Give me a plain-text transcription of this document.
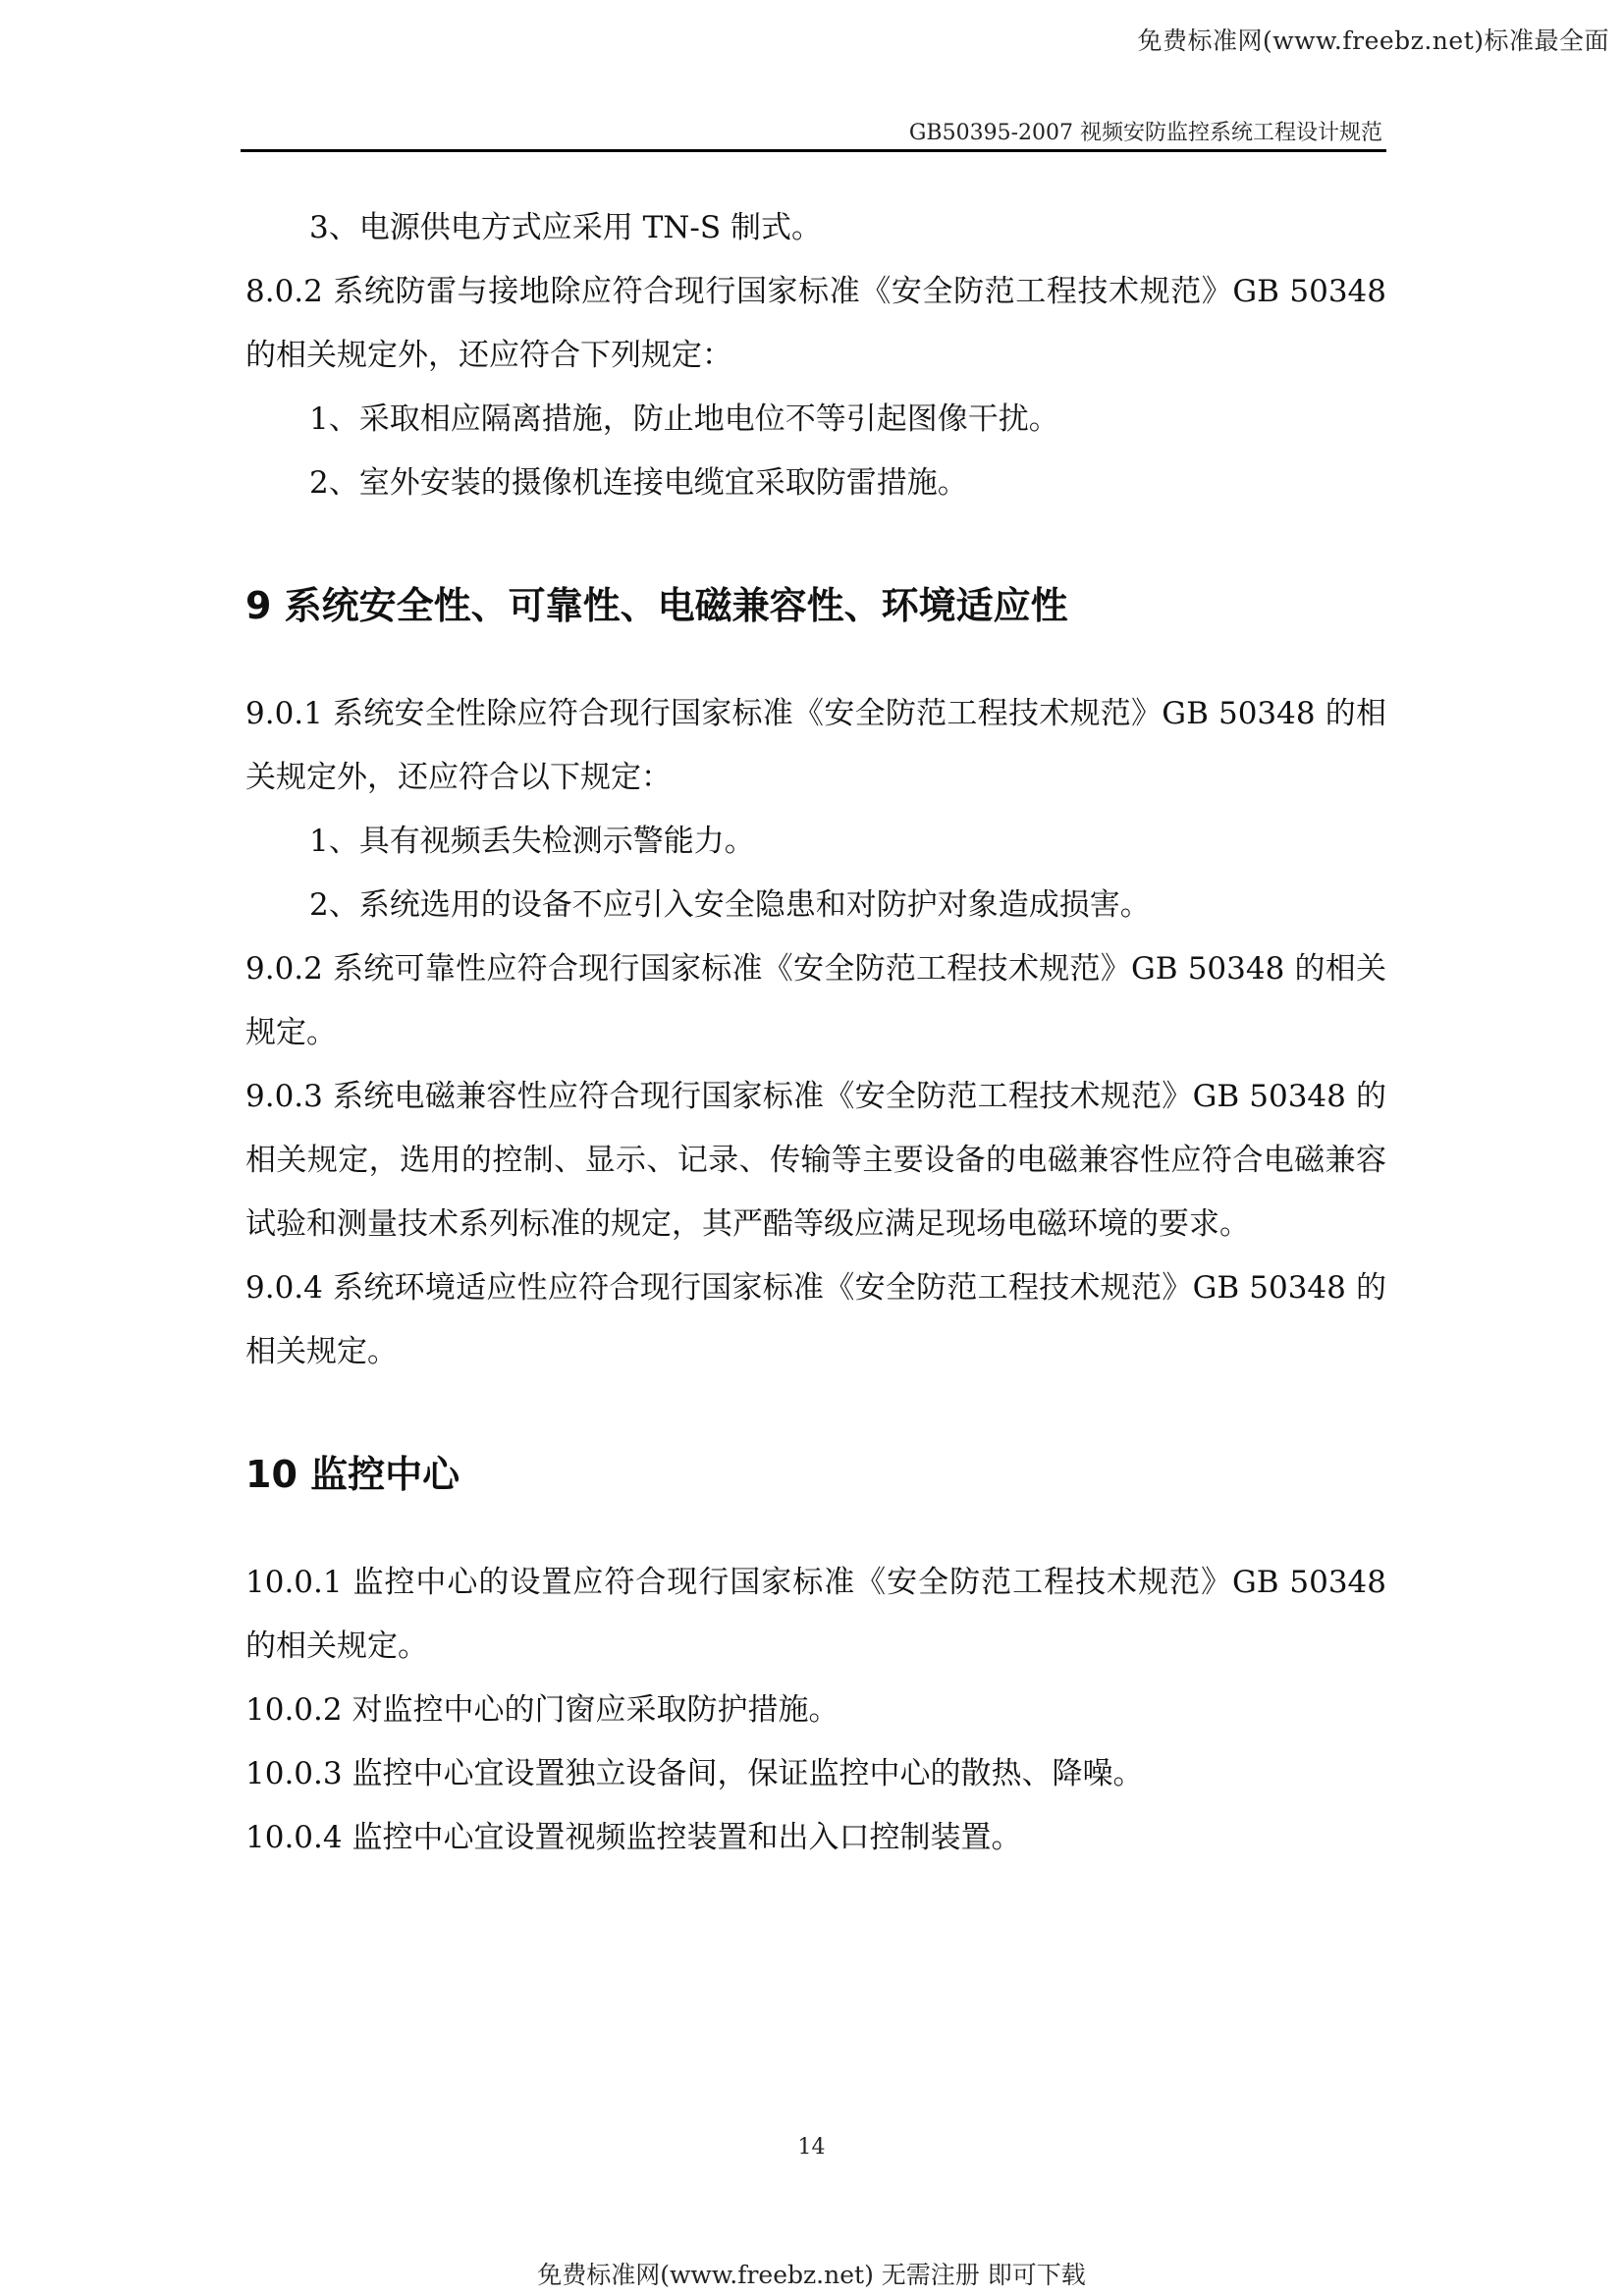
免费标准网(www.freebz.net)标准最全面
GB50395-2007 视频安防监控系统工程设计规范

3、电源供电方式应采用 TN-S 制式。

8.0.2 系统防雷与接地除应符合现行国家标准《安全防范工程技术规范》GB 50348 的相关规定外，还应符合下列规定：

1、采取相应隔离措施，防止地电位不等引起图像干扰。

2、室外安装的摄像机连接电缆宜采取防雷措施。

9 系统安全性、可靠性、电磁兼容性、环境适应性

9.0.1 系统安全性除应符合现行国家标准《安全防范工程技术规范》GB 50348 的相关规定外，还应符合以下规定：

1、具有视频丢失检测示警能力。

2、系统选用的设备不应引入安全隐患和对防护对象造成损害。

9.0.2 系统可靠性应符合现行国家标准《安全防范工程技术规范》GB 50348 的相关规定。

9.0.3 系统电磁兼容性应符合现行国家标准《安全防范工程技术规范》GB 50348 的相关规定，选用的控制、显示、记录、传输等主要设备的电磁兼容性应符合电磁兼容试验和测量技术系列标准的规定，其严酷等级应满足现场电磁环境的要求。

9.0.4 系统环境适应性应符合现行国家标准《安全防范工程技术规范》GB 50348 的相关规定。

10 监控中心

10.0.1 监控中心的设置应符合现行国家标准《安全防范工程技术规范》GB 50348 的相关规定。

10.0.2 对监控中心的门窗应采取防护措施。

10.0.3 监控中心宜设置独立设备间，保证监控中心的散热、降噪。

10.0.4 监控中心宜设置视频监控装置和出入口控制装置。

14
免费标准网(www.freebz.net) 无需注册 即可下载
